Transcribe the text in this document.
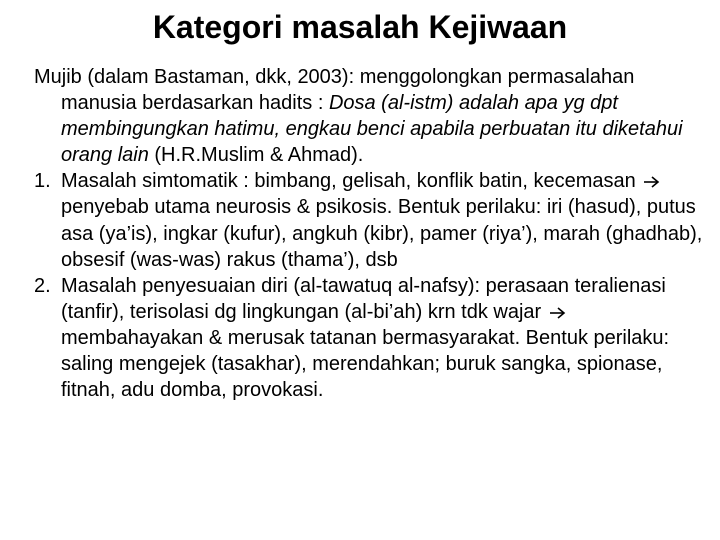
Kategori masalah Kejiwaan

Mujib (dalam Bastaman, dkk, 2003): menggolongkan permasalahan manusia berdasarkan hadits : Dosa (al-istm) adalah apa yg dpt membingungkan hatimu, engkau benci apabila perbuatan itu diketahui orang lain (H.R.Muslim & Ahmad).

1. Masalah simtomatik : bimbang, gelisah, konflik batin, kecemasan  penyebab utama neurosis & psikosis. Bentuk perilaku: iri (hasud), putus asa (ya’is), ingkar (kufur), angkuh (kibr), pamer (riya’), marah (ghadhab), obsesif (was-was) rakus (thama’), dsb

2. Masalah penyesuaian diri (al-tawatuq al-nafsy): perasaan teralienasi (tanfir), terisolasi dg lingkungan (al-bi’ah) krn tdk wajar  membahayakan & merusak tatanan bermasyarakat. Bentuk perilaku: saling mengejek (tasakhar), merendahkan; buruk sangka, spionase, fitnah, adu domba, provokasi.
